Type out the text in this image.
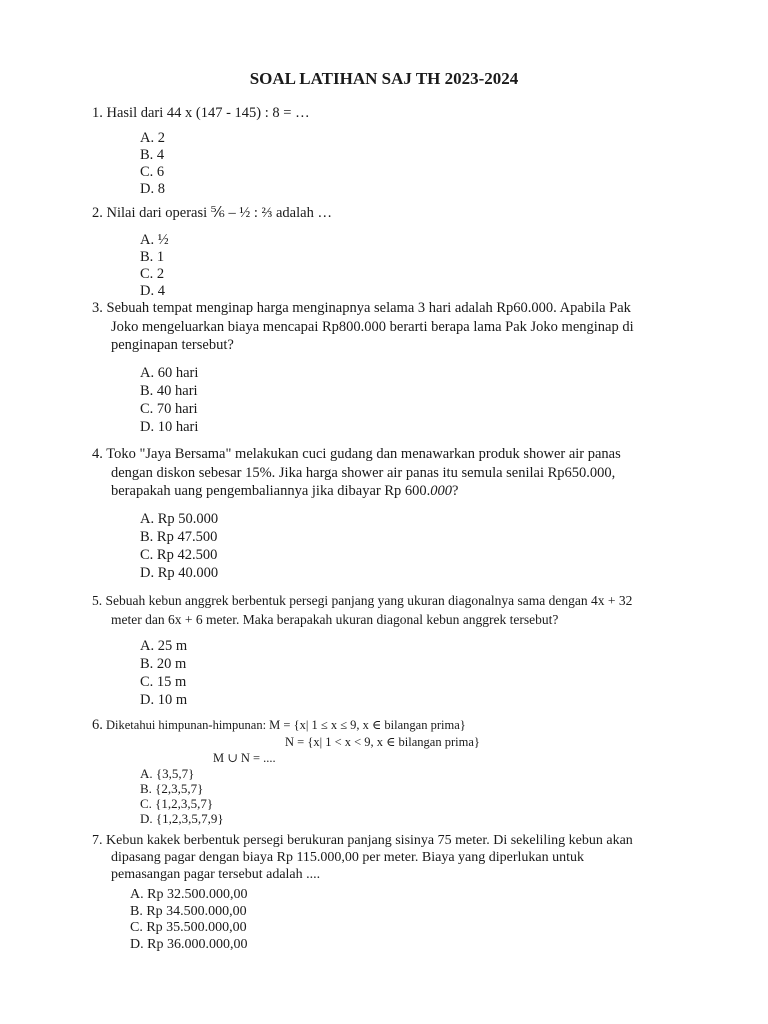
SOAL LATIHAN SAJ TH 2023-2024
1. Hasil dari 44 x (147 - 145) : 8 = …
A. 2
B. 4
C. 6
D. 8
2. Nilai dari operasi ⅚ – ½ : ⅔ adalah …
A. ½
B. 1
C. 2
D. 4
3. Sebuah tempat menginap harga menginapnya selama 3 hari adalah Rp60.000. Apabila Pak
Joko mengeluarkan biaya mencapai Rp800.000 berarti berapa lama Pak Joko menginap di
penginapan tersebut?
A. 60 hari
B. 40 hari
C. 70 hari
D. 10 hari
4. Toko "Jaya Bersama" melakukan cuci gudang dan menawarkan produk shower air panas
dengan diskon sebesar 15%. Jika harga shower air panas itu semula senilai Rp650.000,
berapakah uang pengembaliannya jika dibayar Rp 600.000?
A. Rp 50.000
B. Rp 47.500
C. Rp 42.500
D. Rp 40.000
5. Sebuah kebun anggrek berbentuk persegi panjang yang ukuran diagonalnya sama dengan 4x + 32
meter dan 6x + 6 meter. Maka berapakah ukuran diagonal kebun anggrek tersebut?
A. 25 m
B. 20 m
C. 15 m
D. 10 m
6. Diketahui himpunan-himpunan: M = {x| 1 ≤ x ≤ 9, x ∈ bilangan prima}
N = {x| 1 < x < 9, x ∈ bilangan prima}
M ∪ N = ....
A. {3,5,7}
B. {2,3,5,7}
C. {1,2,3,5,7}
D. {1,2,3,5,7,9}
7. Kebun kakek berbentuk persegi berukuran panjang sisinya 75 meter. Di sekeliling kebun akan
dipasang pagar dengan biaya Rp 115.000,00 per meter. Biaya yang diperlukan untuk
pemasangan pagar tersebut adalah ....
A. Rp 32.500.000,00
B. Rp 34.500.000,00
C. Rp 35.500.000,00
D. Rp 36.000.000,00
